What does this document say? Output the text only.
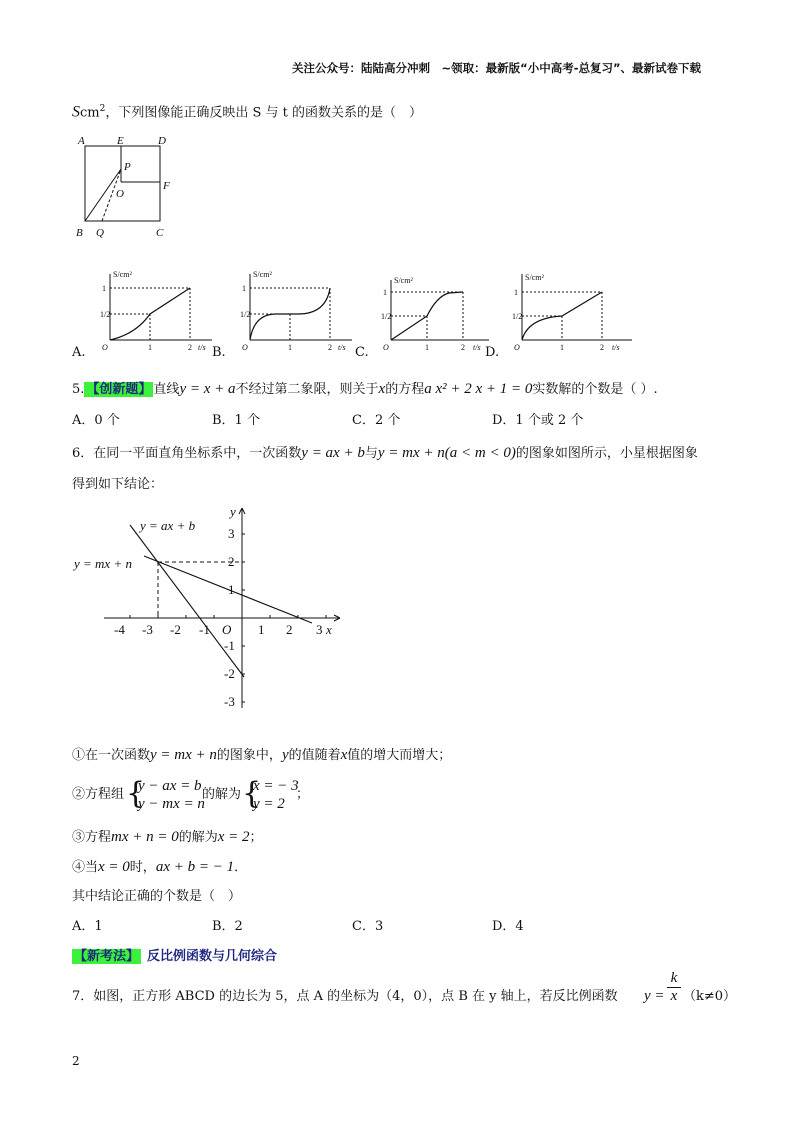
关注公众号：陆陆高分冲刺　~领取：最新版“小中高考-总复习”、最新试卷下载
Scm$^2$，下列图像能正确反映出 S 与 t 的函数关系的是（　）
A	E	D
P
O
F
B Q	C
A.
S/cm²
1
1/2
O	1	2 t/s B.
S/cm²
1
1/2
O	1	2 t/s C.
S/cm²
1
1/2
O	1	2 t/s D.
S/cm²
1
1/2
O	1	2 t/s
5. 【创新题】 直线y = x + a不经过第二象限，则关于x的方程a x² + 2 x + 1 = 0实数解的个数是（ ）.
A．0 个	B．1 个	C．2 个	D．1 个或 2 个
6．在同一平面直角坐标系中，一次函数y = ax + b与y = mx + n(a < m < 0)的图象如图所示，小星根据图象
得到如下结论：
y = ax + b
y = mx + n
-4 -3 -2 -1 O 1 2 3 x
3
2
1
-1
-2
-3
y
①在一次函数y = mx + n的图象中，y的值随着x值的增大而增大；
②方程组 {
y − ax = b
y − mx = n
的解为 {
x = − 3
y = 2
；
③方程mx + n = 0的解为x = 2；
④当x = 0时，ax + b = − 1．
其中结论正确的个数是（　）
A．1	B．2	C．3	D．4
【新考法】 反比例函数与几何综合
7．如图，正方形 ABCD 的边长为 5，点 A 的坐标为（4，0），点 B 在 y 轴上，若反比例函数 y =
k
x （k≠0）
2
